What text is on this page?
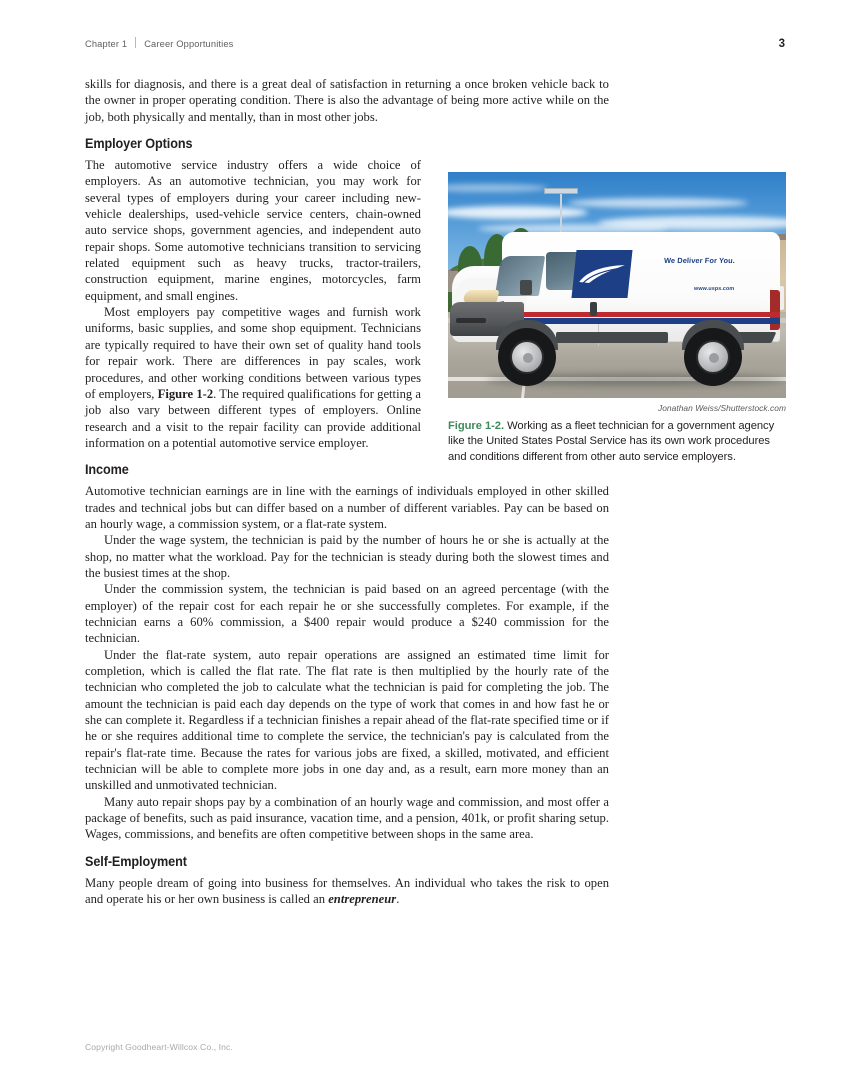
Chapter 1 Career Opportunities	3
We Deliver For You.
www.usps.com
Jonathan Weiss/Shutterstock.com
Figure 1-2. Working as a fleet technician for a government agency like the United States Postal Service has its own work procedures and conditions different from other auto service employers.

skills for diagnosis, and there is a great deal of satisfaction in returning a once broken vehicle back to the owner in proper operating condition. There is also the advantage of being more active while on the job, both physically and mentally, than in most other jobs.

Employer Options

The automotive service industry offers a wide choice of employers. As an automotive technician, you may work for several types of employers during your career including new-vehicle dealerships, used-vehicle service centers, chain-owned auto service shops, government agencies, and independent auto repair shops. Some automotive technicians transition to servicing related equipment such as heavy trucks, tractor-trailers, construction equipment, marine engines, motorcycles, farm equipment, and small engines.

Most employers pay competitive wages and furnish work uniforms, basic supplies, and some shop equipment. Technicians are typically required to have their own set of quality hand tools for repair work. There are differences in pay scales, work procedures, and other working conditions between various types of employers, Figure 1-2. The required qualifications for getting a job also vary between different types of employers. Online research and a visit to the repair facility can provide additional information on a potential automotive service employer.

Income

Automotive technician earnings are in line with the earnings of individuals employed in other skilled trades and technical jobs but can differ based on a number of different variables. Pay can be based on an hourly wage, a commission system, or a flat-rate system.

Under the wage system, the technician is paid by the number of hours he or she is actually at the shop, no matter what the workload. Pay for the technician is steady during both the slowest times and the busiest times at the shop.

Under the commission system, the technician is paid based on an agreed percentage (with the employer) of the repair cost for each repair he or she successfully completes. For example, if the technician earns a 60% commission, a $400 repair would produce a $240 commission for the technician.

Under the flat-rate system, auto repair operations are assigned an estimated time limit for completion, which is called the flat rate. The flat rate is then multiplied by the hourly rate of the technician who completed the job to calculate what the technician is paid for completing the job. The amount the technician is paid each day depends on the type of work that comes in and how fast he or she can complete it. Regardless if a technician finishes a repair ahead of the flat-rate specified time or if he or she requires additional time to complete the service, the technician's pay is calculated from the repair's flat-rate time. Because the rates for various jobs are fixed, a skilled, motivated, and efficient technician will be able to complete more jobs in one day and, as a result, earn more money than an unskilled and unmotivated technician.

Many auto repair shops pay by a combination of an hourly wage and commission, and most offer a package of benefits, such as paid insurance, vacation time, and a pension, 401k, or profit sharing setup. Wages, commissions, and benefits are often competitive between shops in the same area.

Self-Employment

Many people dream of going into business for themselves. An individual who takes the risk to open and operate his or her own business is called an entrepreneur.

Copyright Goodheart-Willcox Co., Inc.
